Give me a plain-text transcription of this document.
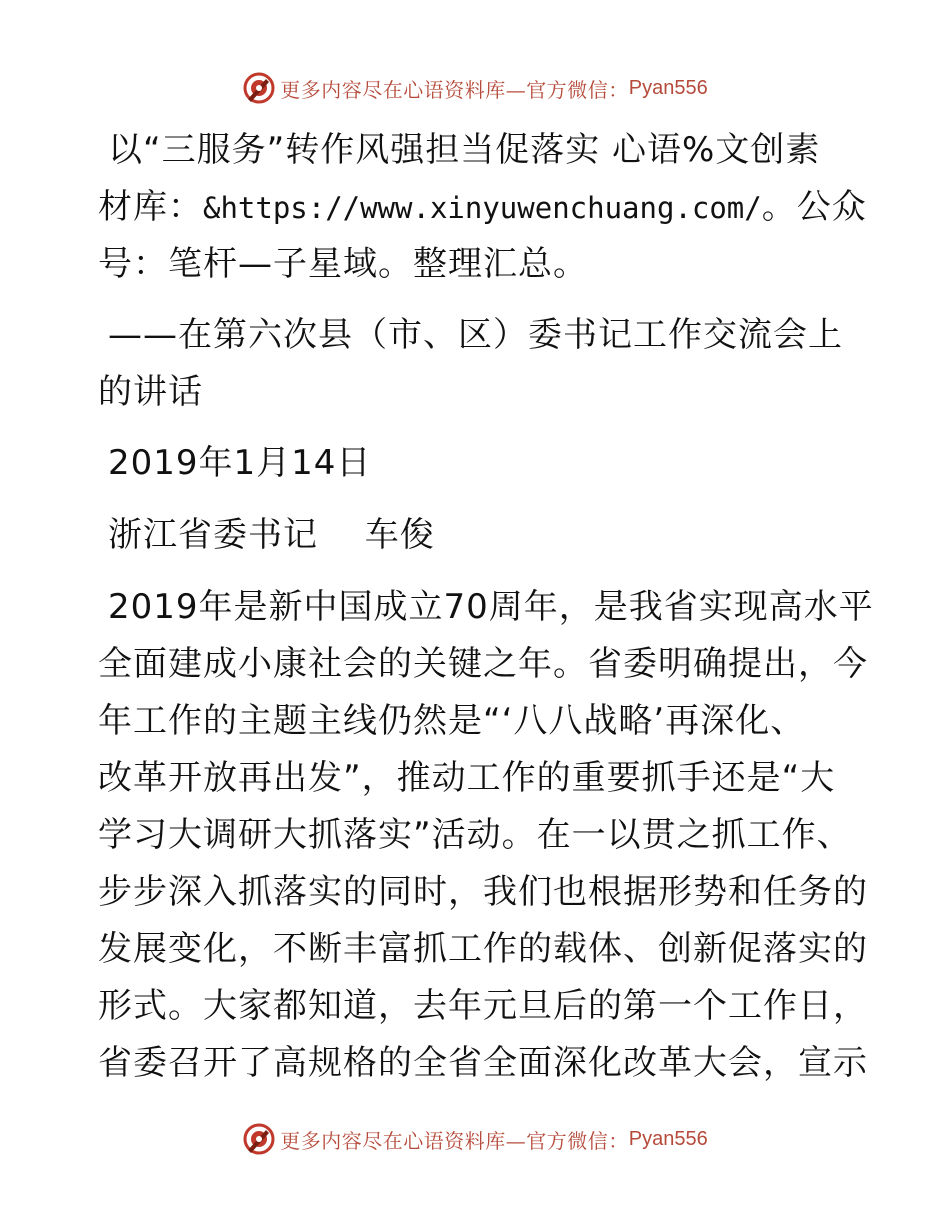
更多内容尽在心语资料库—官方微信： Pyan556
以“三服务”转作风强担当促落实 心语%文创素
材库：&https://www.xinyuwenchuang.com/。公众
号：笔杆—子星域。整理汇总。
——在第六次县（市、区）委书记工作交流会上
的讲话
2019年1月14日
浙江省委书记　 车俊
2019年是新中国成立70周年，是我省实现高水平
全面建成小康社会的关键之年。省委明确提出，今
年工作的主题主线仍然是“‘八八战略’再深化、
改革开放再出发”，推动工作的重要抓手还是“大
学习大调研大抓落实”活动。在一以贯之抓工作、
步步深入抓落实的同时，我们也根据形势和任务的
发展变化，不断丰富抓工作的载体、创新促落实的
形式。大家都知道，去年元旦后的第一个工作日，
省委召开了高规格的全省全面深化改革大会，宣示
更多内容尽在心语资料库—官方微信： Pyan556
